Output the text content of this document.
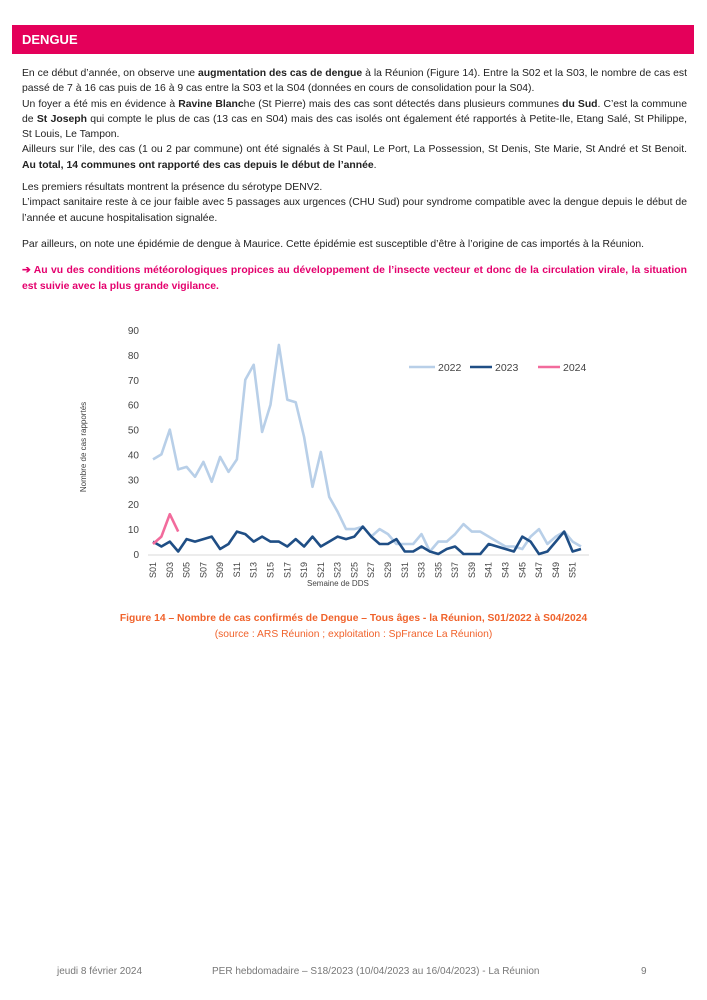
DENGUE

En ce début d’année, on observe une augmentation des cas de dengue à la Réunion (Figure 14). Entre la S02 et la S03, le nombre de cas est passé de 7 à 16 cas puis de 16 à 9 cas entre la S03 et la S04 (données en cours de consolidation pour la S04).

Un foyer a été mis en évidence à Ravine Blanche (St Pierre) mais des cas sont détectés dans plusieurs communes du Sud. C’est la commune de St Joseph qui compte le plus de cas (13 cas en S04) mais des cas isolés ont également été rapportés à Petite-Ile, Etang Salé, St Philippe, St Louis, Le Tampon.

Ailleurs sur l’ile, des cas (1 ou 2 par commune) ont été signalés à St Paul, Le Port, La Possession, St Denis, Ste Marie, St André et St Benoit. Au total, 14 communes ont rapporté des cas depuis le début de l’année.

Les premiers résultats montrent la présence du sérotype DENV2.

L’impact sanitaire reste à ce jour faible avec 5 passages aux urgences (CHU Sud) pour syndrome compatible avec la dengue depuis le début de l’année et aucune hospitalisation signalée.

Par ailleurs, on note une épidémie de dengue à Maurice. Cette épidémie est susceptible d’être à l’origine de cas importés à la Réunion.

➔ Au vu des conditions météorologiques propices au développement de l’insecte vecteur et donc de la circulation virale, la situation est suivie avec la plus grande vigilance.

0
10
20
30
40
50
60
70
80
90
S01 S03 S05 S07 S09 S11 S13 S15 S17 S19 S21 S23 S25 S27 S29 S31 S33 S35 S37 S39 S41 S43 S45 S47 S49 S51
Nombre de cas rapportés
Semaine de DDS
2022	2023	2024
Figure 14 – Nombre de cas confirmés de Dengue – Tous âges - la Réunion, S01/2022 à S04/2024
(source : ARS Réunion ; exploitation : SpFrance La Réunion)
jeudi 8 février 2024	PER hebdomadaire – S18/2023 (10/04/2023 au 16/04/2023) - La Réunion	9
